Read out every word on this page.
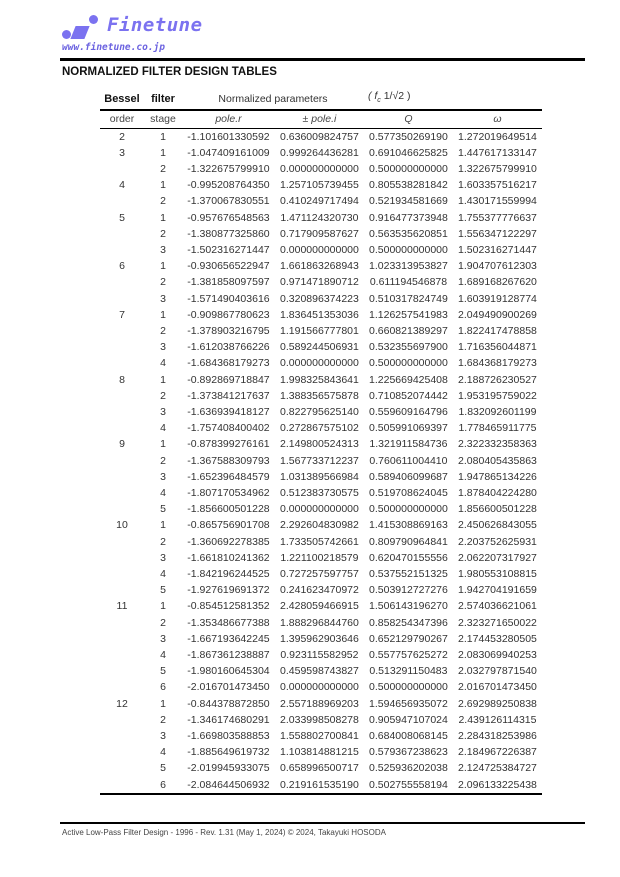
Finetune
www.finetune.co.jp
NORMALIZED FILTER DESIGN TABLES
Bessel	filter	Normalized parameters		( $f_c$ 1/√2 )	
order	stage	pole.r	± pole.i	Q	ω
2	1	-1.101601330592	0.636009824757	0.577350269190	1.272019649514
3	1	-1.047409161009	0.999264436281	0.691046625825	1.447617133147
	2	-1.322675799910	0.000000000000	0.500000000000	1.322675799910
4	1	-0.995208764350	1.257105739455	0.805538281842	1.603357516217
	2	-1.370067830551	0.410249717494	0.521934581669	1.430171559994
5	1	-0.957676548563	1.471124320730	0.916477373948	1.755377776637
	2	-1.380877325860	0.717909587627	0.563535620851	1.556347122297
	3	-1.502316271447	0.000000000000	0.500000000000	1.502316271447
6	1	-0.930656522947	1.661863268943	1.023313953827	1.904707612303
	2	-1.381858097597	0.971471890712	0.611194546878	1.689168267620
	3	-1.571490403616	0.320896374223	0.510317824749	1.603919128774
7	1	-0.909867780623	1.836451353036	1.126257541983	2.049490900269
	2	-1.378903216795	1.191566777801	0.660821389297	1.822417478858
	3	-1.612038766226	0.589244506931	0.532355697900	1.716356044871
	4	-1.684368179273	0.000000000000	0.500000000000	1.684368179273
8	1	-0.892869718847	1.998325843641	1.225669425408	2.188726230527
	2	-1.373841217637	1.388356575878	0.710852074442	1.953195759022
	3	-1.636939418127	0.822795625140	0.559609164796	1.832092601199
	4	-1.757408400402	0.272867575102	0.505991069397	1.778465911775
9	1	-0.878399276161	2.149800524313	1.321911584736	2.322332358363
	2	-1.367588309793	1.567733712237	0.760611004410	2.080405435863
	3	-1.652396484579	1.031389566984	0.589406099687	1.947865134226
	4	-1.807170534962	0.512383730575	0.519708624045	1.878404224280
	5	-1.856600501228	0.000000000000	0.500000000000	1.856600501228
10	1	-0.865756901708	2.292604830982	1.415308869163	2.450626843055
	2	-1.360692278385	1.733505742661	0.809790964841	2.203752625931
	3	-1.661810241362	1.221100218579	0.620470155556	2.062207317927
	4	-1.842196244525	0.727257597757	0.537552151325	1.980553108815
	5	-1.927619691372	0.241623470972	0.503912727276	1.942704191659
11	1	-0.854512581352	2.428059466915	1.506143196270	2.574036621061
	2	-1.353486677388	1.888296844760	0.858254347396	2.323271650022
	3	-1.667193642245	1.395962903646	0.652129790267	2.174453280505
	4	-1.867361238887	0.923115582952	0.557757625272	2.083069940253
	5	-1.980160645304	0.459598743827	0.513291150483	2.032797871540
	6	-2.016701473450	0.000000000000	0.500000000000	2.016701473450
12	1	-0.844378872850	2.557188969203	1.594656935072	2.692989250838
	2	-1.346174680291	2.033998508278	0.905947107024	2.439126114315
	3	-1.669803588853	1.558802700841	0.684008068145	2.284318253986
	4	-1.885649619732	1.103814881215	0.579367238623	2.184967226387
	5	-2.019945933075	0.658996500717	0.525936202038	2.124725384727
	6	-2.084644506932	0.219161535190	0.502755558194	2.096133225438
Active Low-Pass Filter Design - 1996 - Rev. 1.31 (May 1, 2024) © 2024, Takayuki HOSODA
